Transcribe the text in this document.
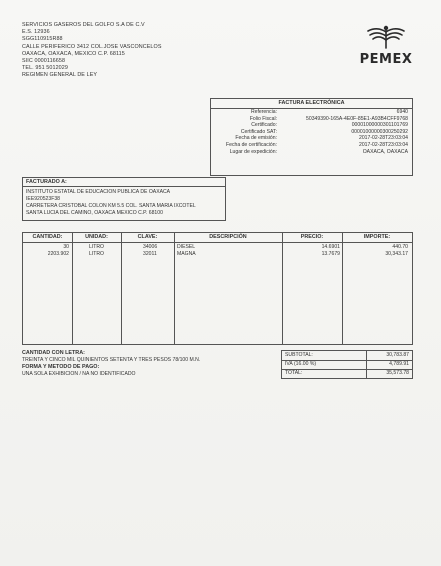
SERVICIOS GASEROS DEL GOLFO S.A DE C.V
E.S. 12936
SGG110915R88
CALLE PERIFERICO 3412 COL.JOSE VASCONCELOS
OAXACA, OAXACA, MEXICO C.P. 68115
SIIC 0000116658
TEL. 951 5012029
REGIMEN GENERAL DE LEY
PEMEX
FACTURA ELECTRÓNICA
Referencia:	6940
Folio Fiscal:	50349390-165A-4E0F-85E1-A93B4CFF9768
Certificado:	00001000000301101769
Certificado SAT:	00001000000300250292
Fecha de emisión:	2017-02-28T23:03:04
Fecha de certificación:	2017-02-28T23:03:04
Lugar de expedición:	OAXACA, OAXACA
FACTURADO A:
INSTITUTO ESTATAL DE EDUCACION PUBLICA DE OAXACA
IEE920523F38
CARRETERA CRISTOBAL COLON KM 5.5 COL. SANTA MARIA IXCOTEL
SANTA LUCIA DEL CAMINO, OAXACA MEXICO C.P. 68100
CANTIDAD:	UNIDAD:	CLAVE:	DESCRIPCIÓN	PRECIO:	IMPORTE:
30	LITRO	34006	DIESEL	14.6901	440.70
2203.902	LITRO	32011	MAGNA	13.7679	30,343.17
CANTIDAD CON LETRA:
TREINTA Y CINCO MIL QUINIENTOS SETENTA Y TRES PESOS 78/100 M.N.
FORMA Y METODO DE PAGO:
UNA SOLA EXHIBICION / NA NO IDENTIFICADO
SUBTOTAL:	30,783.87
IVA (16.00 %)	4,789.91
TOTAL:	35,573.78
